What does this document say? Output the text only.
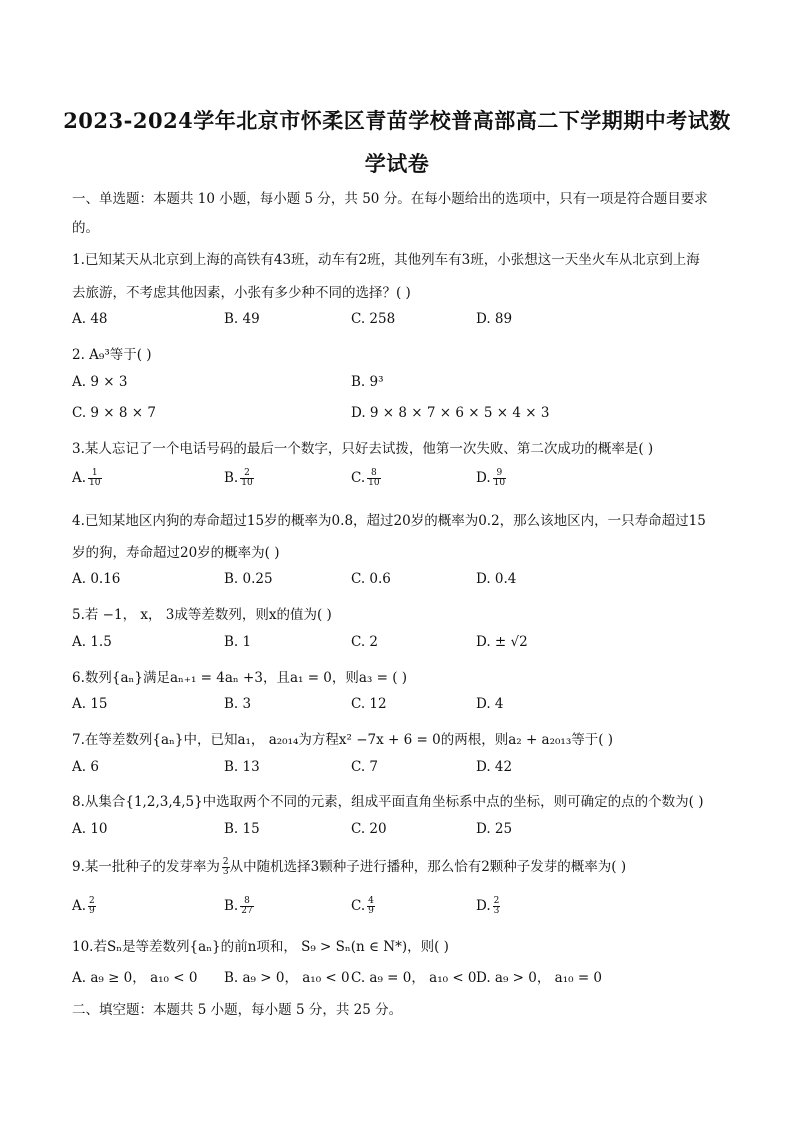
2023-2024学年北京市怀柔区青苗学校普高部高二下学期期中考试数
学试卷
一、单选题：本题共 10 小题，每小题 5 分，共 50 分。在每小题给出的选项中，只有一项是符合题目要求
的。
1.已知某天从北京到上海的高铁有43班，动车有2班，其他列车有3班，小张想这一天坐火车从北京到上海
去旅游，不考虑其他因素，小张有多少种不同的选择？( )
A. 48	B. 49	C. 258	D. 89
2. A₉³等于( )
A. 9 × 3	B. 9³
C. 9 × 8 × 7	D. 9 × 8 × 7 × 6 × 5 × 4 × 3
3.某人忘记了一个电话号码的最后一个数字，只好去试拨，他第一次失败、第二次成功的概率是( )
A. $\frac{1}{10}$	B. $\frac{2}{10}$	C. $\frac{8}{10}$	D. $\frac{9}{10}$
4.已知某地区内狗的寿命超过15岁的概率为0.8，超过20岁的概率为0.2，那么该地区内，一只寿命超过15
岁的狗，寿命超过20岁的概率为( )
A. 0.16	B. 0.25	C. 0.6	D. 0.4
5.若 −1， x， 3成等差数列，则x的值为( )
A. 1.5	B. 1	C. 2	D. ± √2
6.数列{aₙ}满足aₙ₊₁ = 4aₙ +3，且a₁ = 0，则a₃ = ( )
A. 15	B. 3	C. 12	D. 4
7.在等差数列{aₙ}中，已知a₁， a₂₀₁₄为方程x² −7x + 6 = 0的两根，则a₂ + a₂₀₁₃等于( )
A. 6	B. 13	C. 7	D. 42
8.从集合{1,2,3,4,5}中选取两个不同的元素，组成平面直角坐标系中点的坐标，则可确定的点的个数为( )
A. 10	B. 15	C. 20	D. 25
9.某一批种子的发芽率为 $\frac{2}{3}$ 从中随机选择3颗种子进行播种，那么恰有2颗种子发芽的概率为( )
A. $\frac{2}{9}$	B. $\frac{8}{27}$	C. $\frac{4}{9}$	D. $\frac{2}{3}$
10.若Sₙ是等差数列{aₙ}的前n项和， S₉ > Sₙ(n ∈ N*)，则( )
A. a₉ ≥ 0， a₁₀ < 0 B. a₉ > 0， a₁₀ < 0 C. a₉ = 0， a₁₀ < 0 D. a₉ > 0， a₁₀ = 0
二、填空题：本题共 5 小题，每小题 5 分，共 25 分。
